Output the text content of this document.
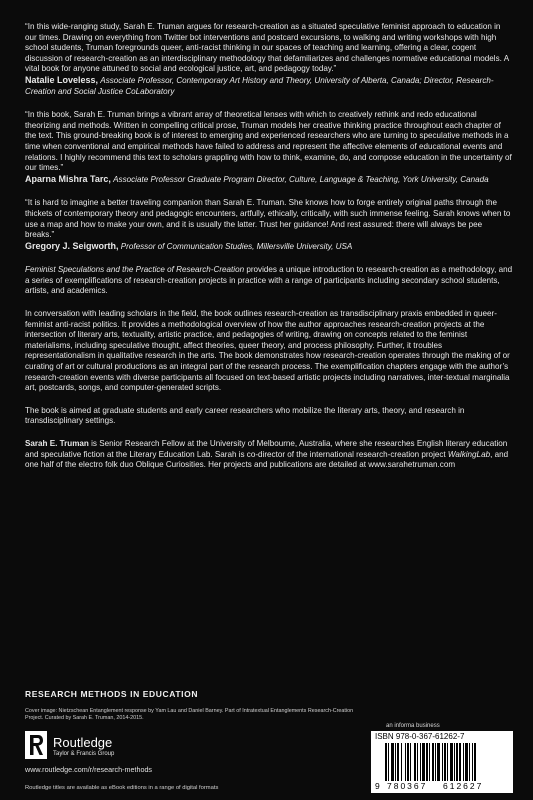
“In this wide-ranging study, Sarah E. Truman argues for research-creation as a situated speculative feminist approach to education in our times. Drawing on everything from Twitter bot interventions and postcard excursions, to walking and writing workshops with high school students, Truman foregrounds queer, anti-racist thinking in our spaces of teaching and learning, offering a clear, cogent discussion of research-creation as an interdisciplinary methodology that defamiliarizes and challenges normative educational models. A vital book for anyone attuned to social and ecological justice, art, and pedagogy today.”

Natalie Loveless, Associate Professor, Contemporary Art History and Theory, University of Alberta, Canada; Director, Research-Creation and Social Justice CoLaboratory

“In this book, Sarah E. Truman brings a vibrant array of theoretical lenses with which to creatively rethink and redo educational theorizing and methods. Written in compelling critical prose, Truman models her creative thinking practice throughout each chapter of the text. This ground-breaking book is of interest to emerging and experienced researchers who are turning to speculative methods in a time when conventional and empirical methods have failed to address and represent the affective elements of educational events and relations. I highly recommend this text to scholars grappling with how to think, examine, do, and compose education in the uncertainty of our times.”

Aparna Mishra Tarc, Associate Professor Graduate Program Director, Culture, Language & Teaching, York University, Canada

“It is hard to imagine a better traveling companion than Sarah E. Truman. She knows how to forge entirely original paths through the thickets of contemporary theory and pedagogic encounters, artfully, ethically, critically, with such immense feeling. Sarah knows when to use a map and how to make your own, and it is usually the latter. Trust her guidance! And rest assured: there will always be pee breaks.”

Gregory J. Seigworth, Professor of Communication Studies, Millersville University, USA

Feminist Speculations and the Practice of Research-Creation provides a unique introduction to research-creation as a methodology, and a series of exemplifications of research-creation projects in practice with a range of participants including secondary school students, artists, and academics.

In conversation with leading scholars in the field, the book outlines research-creation as transdisciplinary praxis embedded in queer-feminist anti-racist politics. It provides a methodological overview of how the author approaches research-creation projects at the intersection of literary arts, textuality, artistic practice, and pedagogies of writing, drawing on concepts related to the feminist materialisms, including speculative thought, affect theories, queer theory, and process philosophy. Further, it troubles representationalism in qualitative research in the arts. The book demonstrates how research-creation operates through the making of or curating of art or cultural productions as an integral part of the research process. The exemplification chapters engage with the author’s research-creation events with diverse participants all focused on text-based artistic projects including narratives, inter-textual marginalia art, postcards, songs, and computer-generated scripts.

The book is aimed at graduate students and early career researchers who mobilize the literary arts, theory, and research in transdisciplinary settings.

Sarah E. Truman is Senior Research Fellow at the University of Melbourne, Australia, where she researches English literary education and speculative fiction at the Literary Education Lab. Sarah is co-director of the international research-creation project WalkingLab, and one half of the electro folk duo Oblique Curiosities. Her projects and publications are detailed at www.sarahetruman.com

RESEARCH METHODS IN EDUCATION
Cover image: Nietzschean Entanglement response by Yam Lau and Daniel Barney. Part of Intratextual Entanglements Research-Creation Project. Curated by Sarah E. Truman, 2014-2015.
Routledge
Taylor & Francis Group
www.routledge.com/r/research-methods
Routledge titles are available as eBook editions in a range of digital formats
an informa business
ISBN 978-0-367-61262-7
9 780367 612627
